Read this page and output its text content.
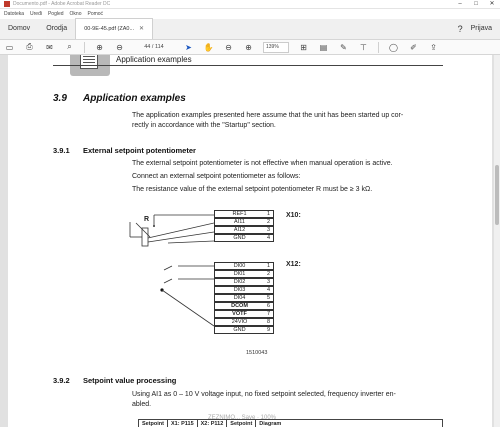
Documento.pdf - Adobe Acrobat Reader DC	–	□	✕
Datoteka Uređi Pogled Okno Pomoć
Domov	Orodja	00-9E-45.pdf (ZA0... ✕	? Prijava
▭ ⎙ ✉	⌕	⊕ ⊖	44
/ 114	➤ ✋ ⊖ ⊕	139%	⊞ ▤ ✎ ⊤	◯ ✐ ⇪
Application examples
3.9 Application examples
The application examples presented here assume that the unit has been started up cor-
rectly in accordance with the "Startup" section.
3.9.1 External setpoint potentiometer
The external setpoint potentiometer is not effective when manual operation is active.
Connect an external setpoint potentiometer as follows:
The resistance value of the external setpoint potentiometer R must be ≥ 3 kΩ.
R
X10:
X12:
REF1	1
AI11	2
AI12	3
GND	4
DI00	1
DI01	2
DI02	3
DI03	4
DI04	5
DCOM	6
VOTF	7
24VIO	8
GND	9
1510043
3.9.2 Setpoint value processing
Using AI1 as 0 – 10 V voltage input, no fixed setpoint selected, frequency inverter en-
abled.
Setpoint	X1: P115	X2: P112	Setpoint	Diagram
ZEZNIMO... Save · 100%
